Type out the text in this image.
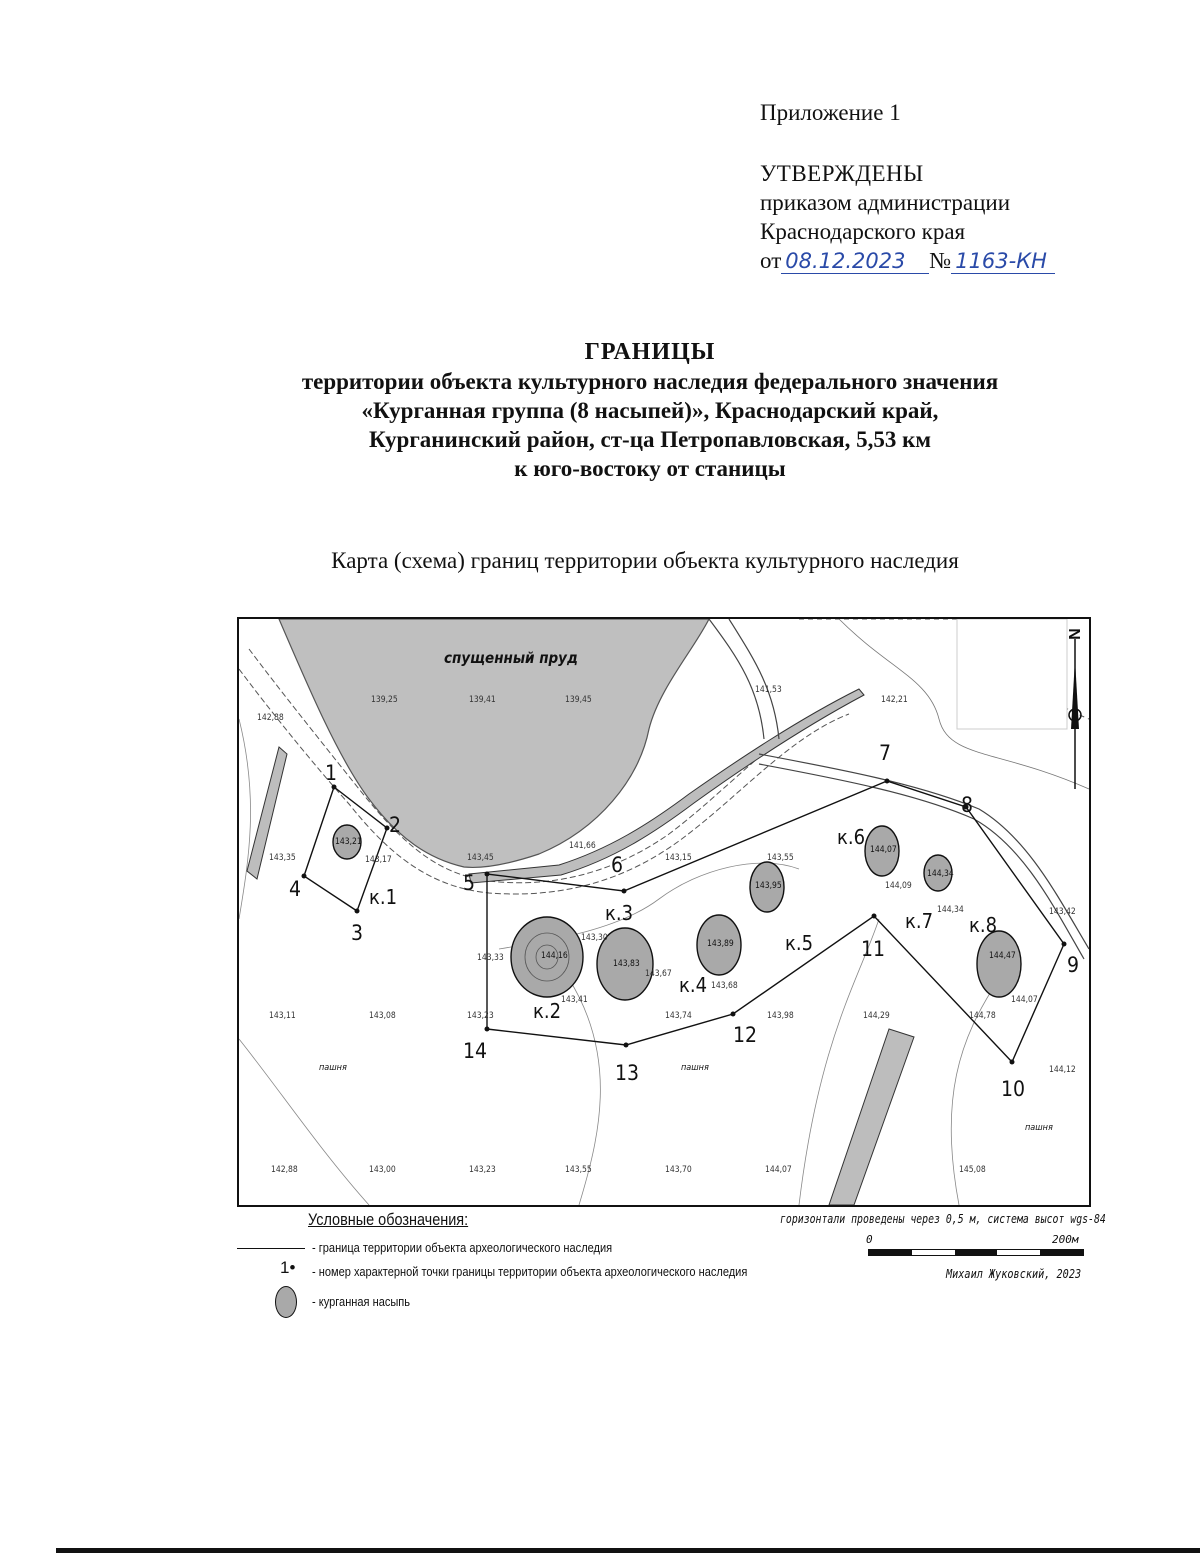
Приложение 1
УТВЕРЖДЕНЫ
приказом администрации
Краснодарского края
от 08.12.2023 № 1163-КН
ГРАНИЦЫ
территории объекта культурного наследия федерального значения
«Курганная группа (8 насыпей)», Краснодарский край,
Курганинский район, ст-ца Петропавловская, 5,53 км
к юго-востоку от станицы
Карта (схема) границ территории объекта культурного наследия
спущенный пруд
пашня	пашня
пашня
N
1
2
3
4	5
6
7
8
9
10
11
12
13
14
к.1
к.2
к.3
к.4
к.5
к.6
к.7 к.8
143,21
144,16
143,83
143,89
143,95
144,07
144,34
144,47
139,25	139,41	139,45
141,53
142,21
142,88
143,35	143,17	143,45
141,66
143,15	143,55
144,09
144,34	143,42
143,33
143,30
143,41
143,67
143,74
143,68
143,98	144,29	144,78
144,07
144,12
143,11	143,08	143,23
142,88	143,00	143,23	143,55	143,70	144,07	145,08
Условные обозначения:
- граница территории объекта археологического наследия
1• - номер характерной точки границы территории объекта археологического наследия
- курганная насыпь
горизонтали проведены через 0,5 м, система высот wgs-84
0	200м
Михаил Жуковский, 2023
